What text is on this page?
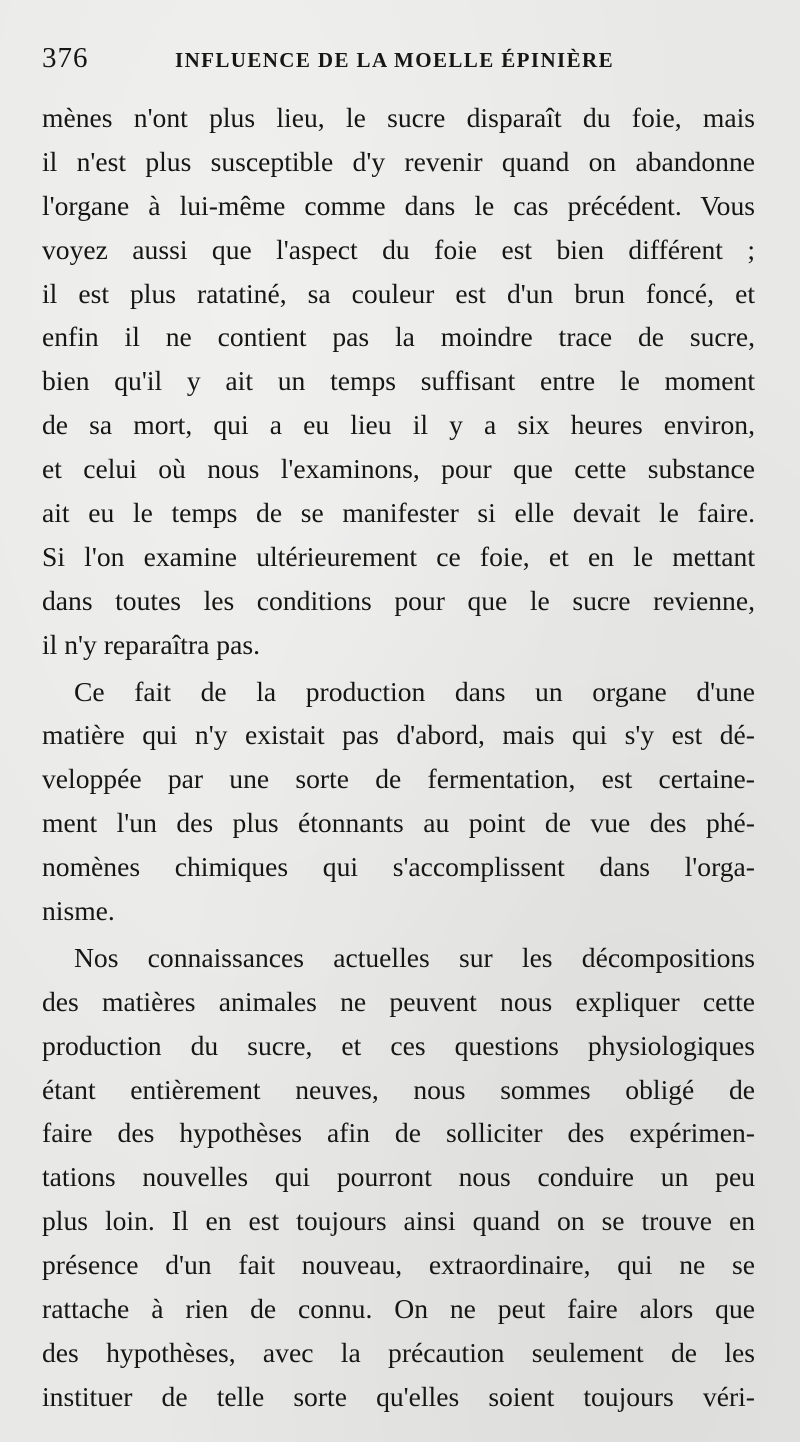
376	INFLUENCE DE LA MOELLE ÉPINIÈRE
mènes n'ont plus lieu, le sucre disparaît du foie, mais
il n'est plus susceptible d'y revenir quand on abandonne
l'organe à lui-même comme dans le cas précédent. Vous
voyez aussi que l'aspect du foie est bien différent ;
il est plus ratatiné, sa couleur est d'un brun foncé, et
enfin il ne contient pas la moindre trace de sucre,
bien qu'il y ait un temps suffisant entre le moment
de sa mort, qui a eu lieu il y a six heures environ,
et celui où nous l'examinons, pour que cette substance
ait eu le temps de se manifester si elle devait le faire.
Si l'on examine ultérieurement ce foie, et en le mettant
dans toutes les conditions pour que le sucre revienne,
il n'y reparaîtra pas.
Ce fait de la production dans un organe d'une
matière qui n'y existait pas d'abord, mais qui s'y est dé-
veloppée par une sorte de fermentation, est certaine-
ment l'un des plus étonnants au point de vue des phé-
nomènes chimiques qui s'accomplissent dans l'orga-
nisme.
Nos connaissances actuelles sur les décompositions
des matières animales ne peuvent nous expliquer cette
production du sucre, et ces questions physiologiques
étant entièrement neuves, nous sommes obligé de
faire des hypothèses afin de solliciter des expérimen-
tations nouvelles qui pourront nous conduire un peu
plus loin. Il en est toujours ainsi quand on se trouve en
présence d'un fait nouveau, extraordinaire, qui ne se
rattache à rien de connu. On ne peut faire alors que
des hypothèses, avec la précaution seulement de les
instituer de telle sorte qu'elles soient toujours véri-
